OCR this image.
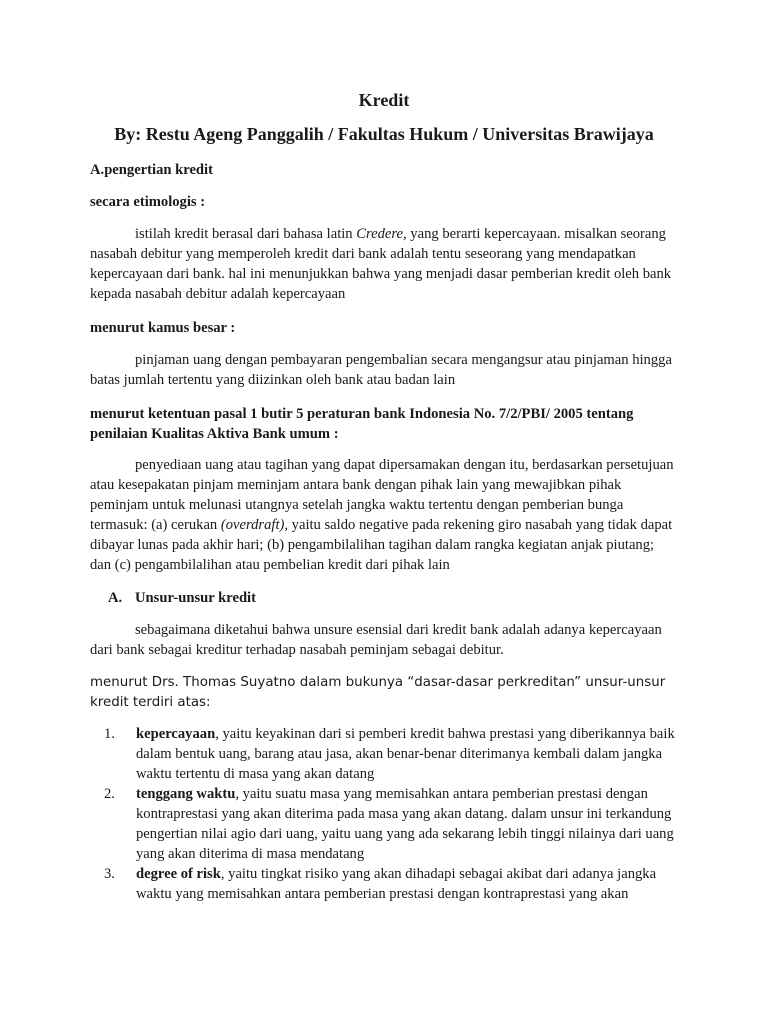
Kredit
By: Restu Ageng Panggalih / Fakultas Hukum / Universitas Brawijaya
A.pengertian kredit
secara etimologis :
istilah kredit berasal dari bahasa latin Credere, yang berarti kepercayaan. misalkan seorang nasabah debitur yang memperoleh kredit dari bank adalah tentu seseorang yang mendapatkan kepercayaan dari bank. hal ini menunjukkan bahwa yang menjadi dasar pemberian kredit oleh bank kepada nasabah debitur adalah kepercayaan
menurut kamus besar :
pinjaman uang dengan pembayaran pengembalian secara mengangsur atau pinjaman hingga batas jumlah tertentu yang diizinkan oleh bank atau badan lain
menurut ketentuan pasal 1 butir 5 peraturan bank Indonesia No. 7/2/PBI/ 2005 tentang penilaian Kualitas Aktiva Bank umum :
penyediaan uang atau tagihan yang dapat dipersamakan dengan itu, berdasarkan persetujuan atau kesepakatan pinjam meminjam antara bank dengan pihak lain yang mewajibkan pihak peminjam untuk melunasi utangnya setelah jangka waktu tertentu dengan pemberian bunga termasuk: (a) cerukan (overdraft), yaitu saldo negative pada rekening giro nasabah yang tidak dapat dibayar lunas pada akhir hari; (b) pengambilalihan tagihan dalam rangka kegiatan anjak piutang; dan (c) pengambilalihan atau pembelian kredit dari pihak lain
A. Unsur-unsur kredit
sebagaimana diketahui bahwa unsure esensial dari kredit bank adalah adanya kepercayaan dari bank sebagai kreditur terhadap nasabah peminjam sebagai debitur.
menurut Drs. Thomas Suyatno dalam bukunya “dasar-dasar perkreditan” unsur-unsur kredit terdiri atas:
1.	kepercayaan, yaitu keyakinan dari si pemberi kredit bahwa prestasi yang diberikannya baik dalam bentuk uang, barang atau jasa, akan benar-benar diterimanya kembali dalam jangka waktu tertentu di masa yang akan datang
2.	tenggang waktu, yaitu suatu masa yang memisahkan antara pemberian prestasi dengan kontraprestasi yang akan diterima pada masa yang akan datang. dalam unsur ini terkandung pengertian nilai agio dari uang, yaitu uang yang ada sekarang lebih tinggi nilainya dari uang yang akan diterima di masa mendatang
3.	degree of risk, yaitu tingkat risiko yang akan dihadapi sebagai akibat dari adanya jangka waktu yang memisahkan antara pemberian prestasi dengan kontraprestasi yang akan
